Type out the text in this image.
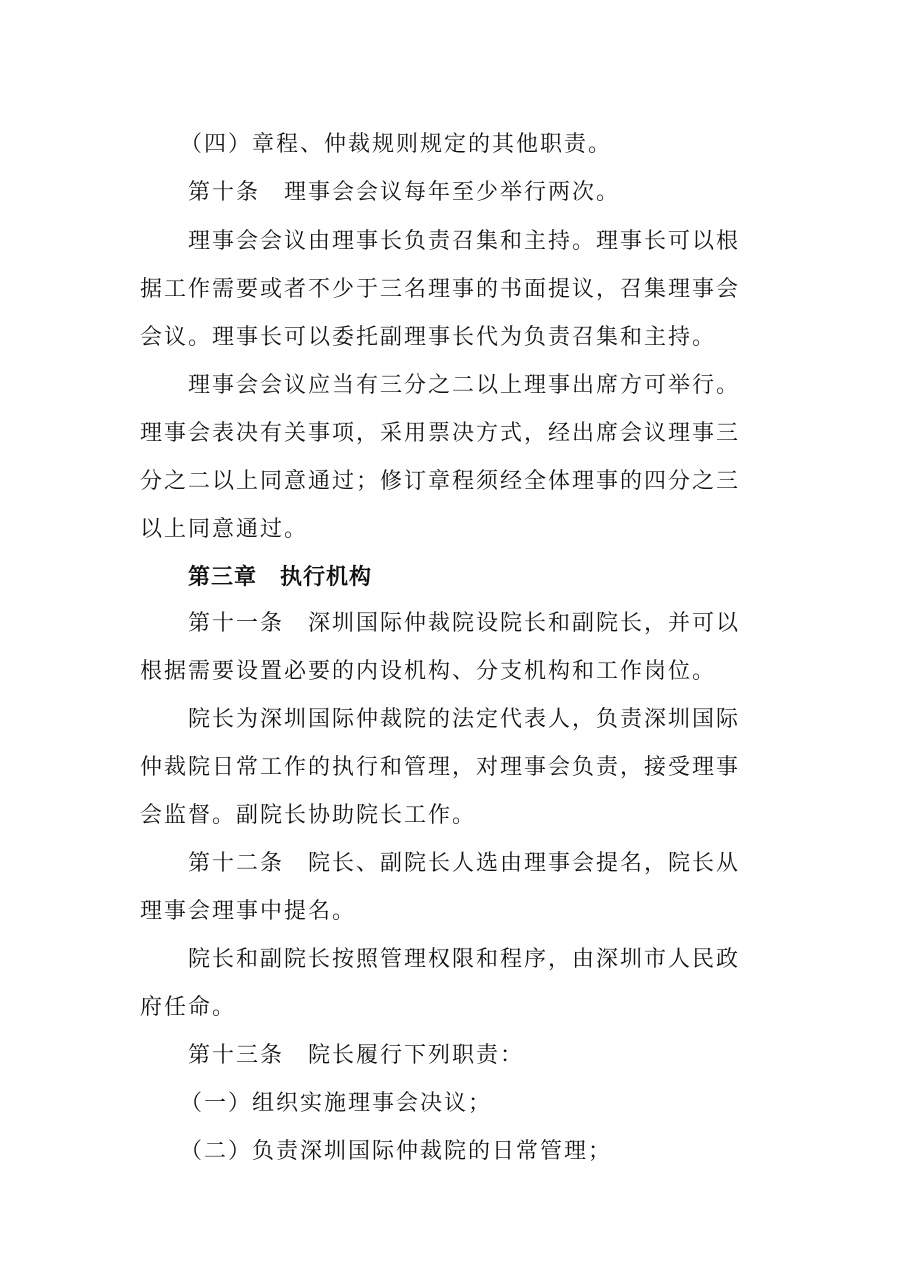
（四）章程、仲裁规则规定的其他职责。
第十条　理事会会议每年至少举行两次。
理事会会议由理事长负责召集和主持。理事长可以根
据工作需要或者不少于三名理事的书面提议，召集理事会
会议。理事长可以委托副理事长代为负责召集和主持。
理事会会议应当有三分之二以上理事出席方可举行。
理事会表决有关事项，采用票决方式，经出席会议理事三
分之二以上同意通过；修订章程须经全体理事的四分之三
以上同意通过。
第三章　执行机构
第十一条　深圳国际仲裁院设院长和副院长，并可以
根据需要设置必要的内设机构、分支机构和工作岗位。
院长为深圳国际仲裁院的法定代表人，负责深圳国际
仲裁院日常工作的执行和管理，对理事会负责，接受理事
会监督。副院长协助院长工作。
第十二条　院长、副院长人选由理事会提名，院长从
理事会理事中提名。
院长和副院长按照管理权限和程序，由深圳市人民政
府任命。
第十三条　院长履行下列职责：
（一）组织实施理事会决议；
（二）负责深圳国际仲裁院的日常管理；
